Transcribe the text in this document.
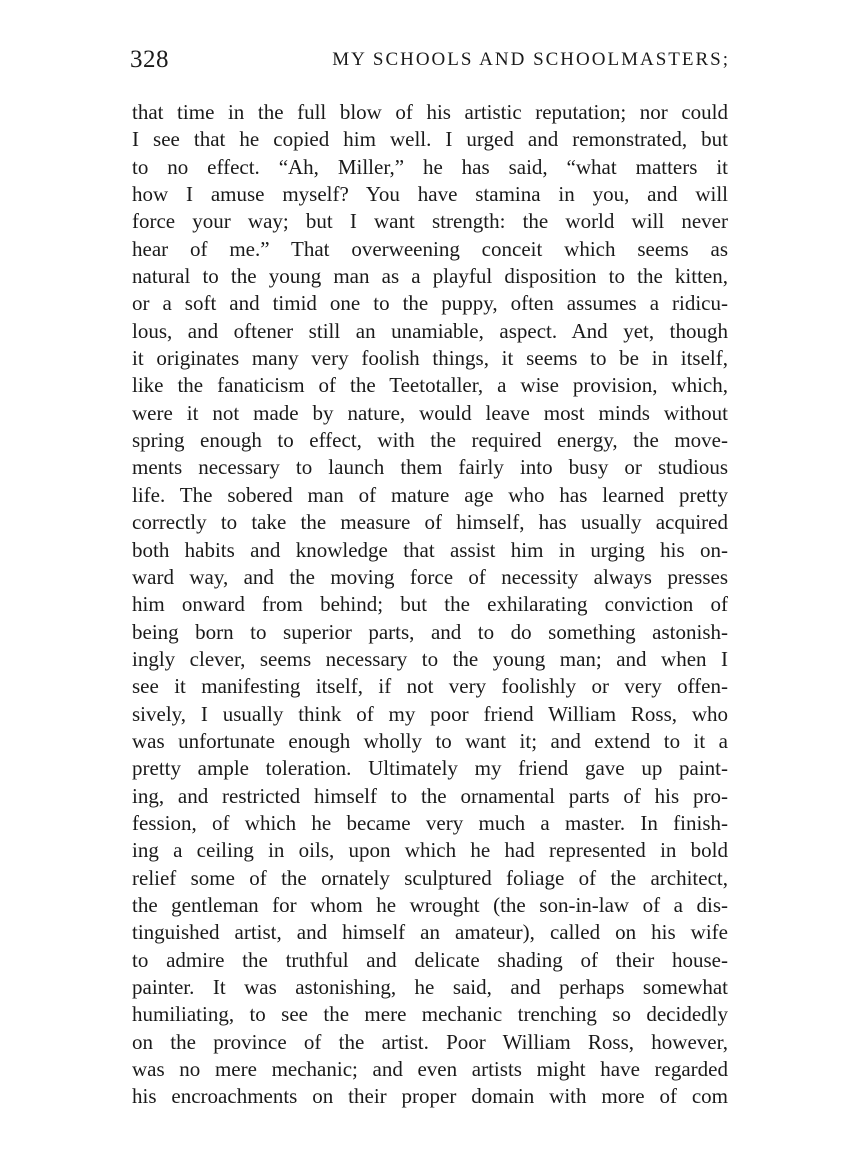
328	MY SCHOOLS AND SCHOOLMASTERS;
that time in the full blow of his artistic reputation; nor could
I see that he copied him well. I urged and remonstrated, but
to no effect. “Ah, Miller,” he has said, “what matters it
how I amuse myself? You have stamina in you, and will
force your way; but I want strength: the world will never
hear of me.” That overweening conceit which seems as
natural to the young man as a playful disposition to the kitten,
or a soft and timid one to the puppy, often assumes a ridicu-
lous, and oftener still an unamiable, aspect. And yet, though
it originates many very foolish things, it seems to be in itself,
like the fanaticism of the Teetotaller, a wise provision, which,
were it not made by nature, would leave most minds without
spring enough to effect, with the required energy, the move-
ments necessary to launch them fairly into busy or studious
life. The sobered man of mature age who has learned pretty
correctly to take the measure of himself, has usually acquired
both habits and knowledge that assist him in urging his on-
ward way, and the moving force of necessity always presses
him onward from behind; but the exhilarating conviction of
being born to superior parts, and to do something astonish-
ingly clever, seems necessary to the young man; and when I
see it manifesting itself, if not very foolishly or very offen-
sively, I usually think of my poor friend William Ross, who
was unfortunate enough wholly to want it; and extend to it a
pretty ample toleration. Ultimately my friend gave up paint-
ing, and restricted himself to the ornamental parts of his pro-
fession, of which he became very much a master. In finish-
ing a ceiling in oils, upon which he had represented in bold
relief some of the ornately sculptured foliage of the architect,
the gentleman for whom he wrought (the son-in-law of a dis-
tinguished artist, and himself an amateur), called on his wife
to admire the truthful and delicate shading of their house-
painter. It was astonishing, he said, and perhaps somewhat
humiliating, to see the mere mechanic trenching so decidedly
on the province of the artist. Poor William Ross, however,
was no mere mechanic; and even artists might have regarded
his encroachments on their proper domain with more of com
